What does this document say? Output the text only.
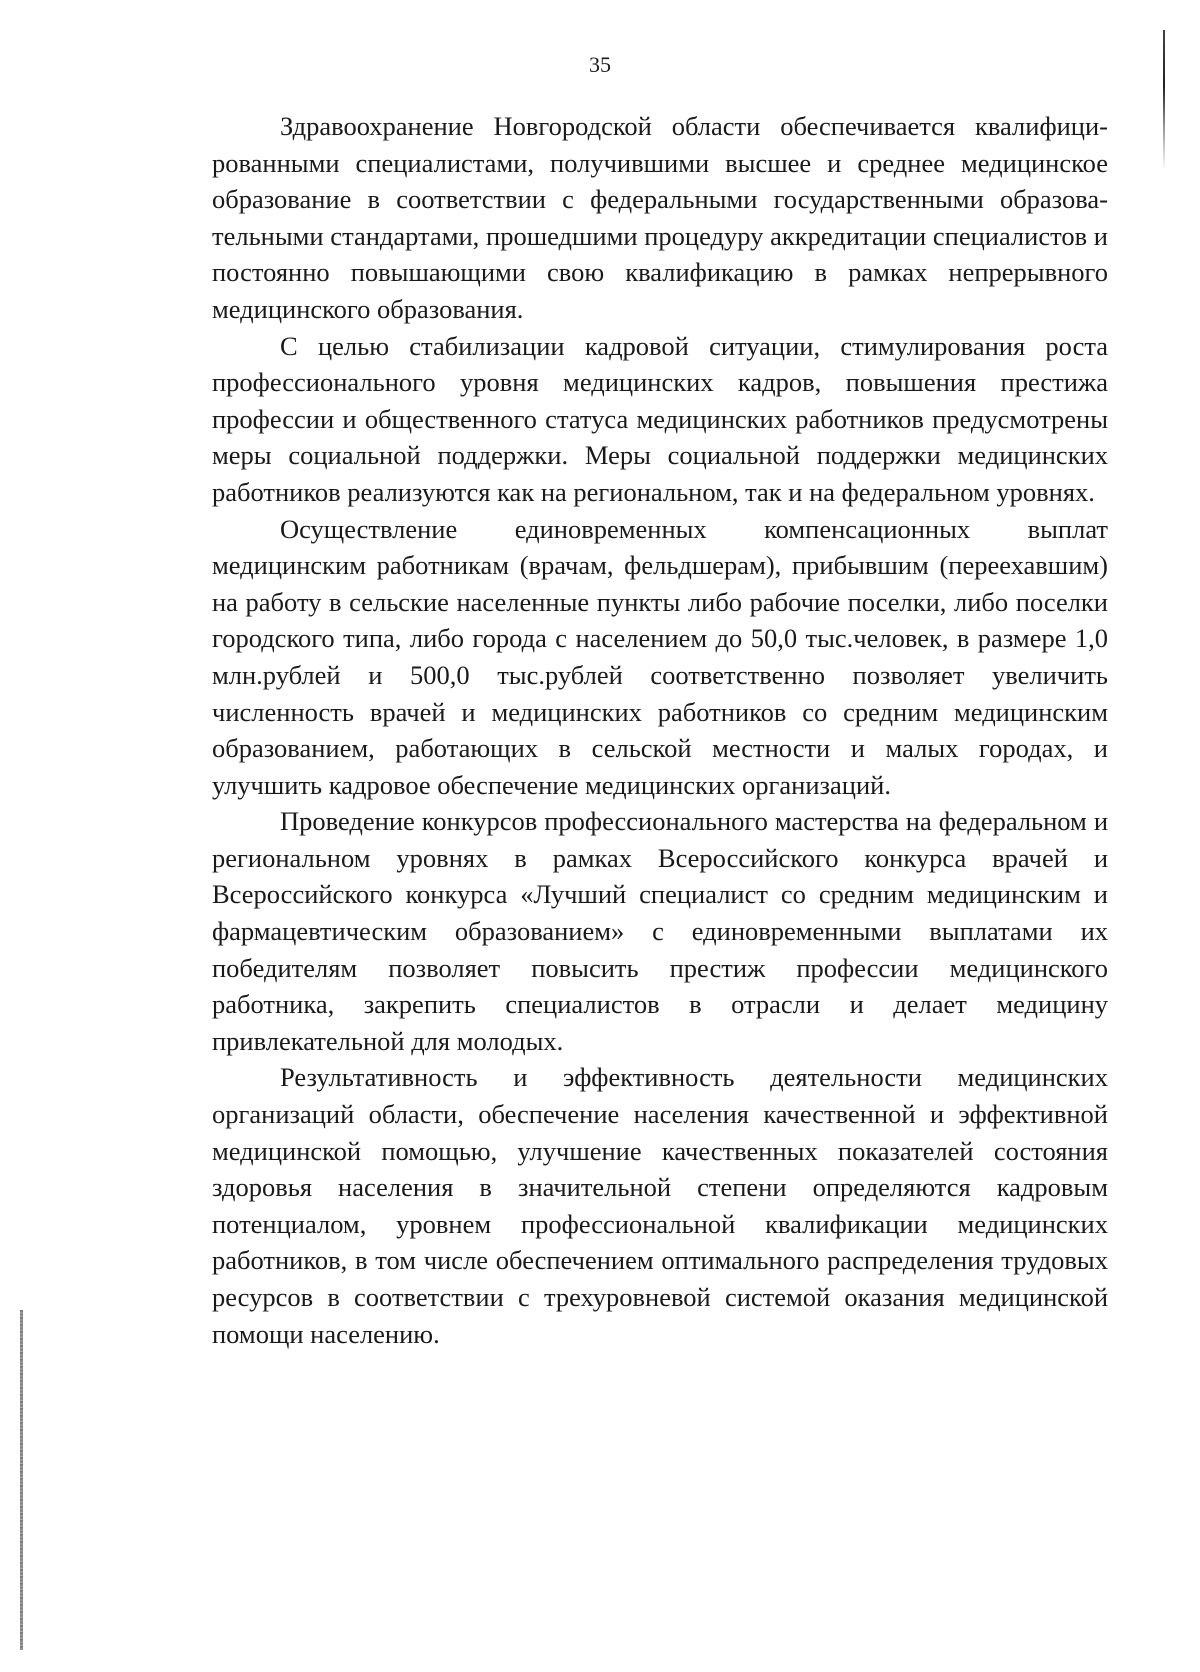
35

Здравоохранение Новгородской области обеспечивается квалифицированными специалистами, получившими высшее и среднее медицинское образование в соответствии с федеральными государственными образовательными стандартами, прошедшими процедуру аккредитации специалистов и постоянно повышающими свою квалификацию в рамках непрерывного медицинского образования.

С целью стабилизации кадровой ситуации, стимулирования роста профессионального уровня медицинских кадров, повышения престижа профессии и общественного статуса медицинских работников предусмотрены меры социальной поддержки. Меры социальной поддержки медицинских работников реализуются как на региональном, так и на федеральном уровнях.

Осуществление единовременных компенсационных выплат медицинским работникам (врачам, фельдшерам), прибывшим (переехавшим) на работу в сельские населенные пункты либо рабочие поселки, либо поселки городского типа, либо города с населением до 50,0 тыс.человек, в размере 1,0 млн.рублей и 500,0 тыс.рублей соответственно позволяет увеличить численность врачей и медицинских работников со средним медицинским образованием, работающих в сельской местности и малых городах, и улучшить кадровое обеспечение медицинских организаций.

Проведение конкурсов профессионального мастерства на федеральном и региональном уровнях в рамках Всероссийского конкурса врачей и Всероссийского конкурса «Лучший специалист со средним медицинским и фармацевтическим образованием» с единовременными выплатами их победителям позволяет повысить престиж профессии медицинского работника, закрепить специалистов в отрасли и делает медицину привлекательной для молодых.

Результативность и эффективность деятельности медицинских организаций области, обеспечение населения качественной и эффективной медицинской помощью, улучшение качественных показателей состояния здоровья населения в значительной степени определяются кадровым потенциалом, уровнем профессиональной квалификации медицинских работников, в том числе обеспечением оптимального распределения трудовых ресурсов в соответствии с трехуровневой системой оказания медицинской помощи населению.
